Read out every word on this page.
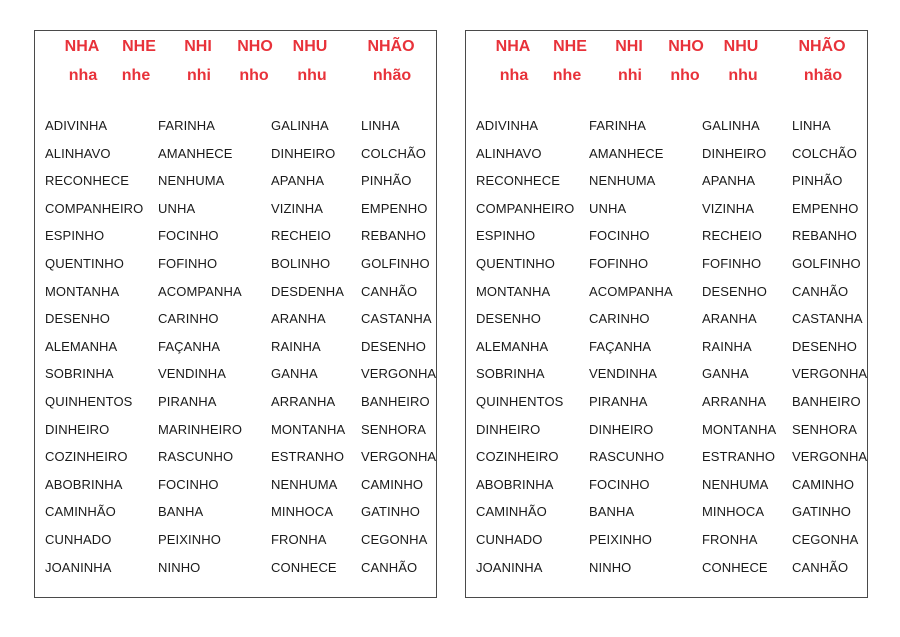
NHA NHE NHI NHO NHU	NHÃO
nha nhe nhi nho nhu	nhão
ADIVINHA	FARINHA	GALINHA LINHA
ALINHAVO	AMANHECE	DINHEIRO COLCHÃO
RECONHECE NENHUMA	APANHA	PINHÃO
COMPANHEIRO UNHA	VIZINHA	EMPENHO
ESPINHO	FOCINHO	RECHEIO REBANHO
QUENTINHO	FOFINHO	BOLINHO GOLFINHO
MONTANHA	ACOMPANHA DESDENHA CANHÃO
DESENHO	CARINHO	ARANHA	CASTANHA
ALEMANHA	FAÇANHA	RAINHA	DESENHO
SOBRINHA	VENDINHA	GANHA	VERGONHA
QUINHENTOS PIRANHA	ARRANHA BANHEIRO
DINHEIRO	MARINHEIRO MONTANHA SENHORA
COZINHEIRO RASCUNHO	ESTRANHO VERGONHA
ABOBRINHA	FOCINHO	NENHUMA CAMINHO
CAMINHÃO	BANHA	MINHOCA GATINHO
CUNHADO	PEIXINHO	FRONHA	CEGONHA
JOANINHA	NINHO	CONHECE CANHÃO
NHA NHE NHI NHO NHU	NHÃO
nha nhe nhi nho nhu	nhão
ADIVINHA	FARINHA	GALINHA LINHA
ALINHAVO	AMANHECE	DINHEIRO COLCHÃO
RECONHECE NENHUMA	APANHA	PINHÃO
COMPANHEIRO UNHA	VIZINHA	EMPENHO
ESPINHO	FOCINHO	RECHEIO REBANHO
QUENTINHO	FOFINHO	FOFINHO GOLFINHO
MONTANHA	ACOMPANHA DESENHO CANHÃO
DESENHO	CARINHO	ARANHA	CASTANHA
ALEMANHA	FAÇANHA	RAINHA	DESENHO
SOBRINHA	VENDINHA	GANHA	VERGONHA
QUINHENTOS PIRANHA	ARRANHA BANHEIRO
DINHEIRO	DINHEIRO	MONTANHA SENHORA
COZINHEIRO RASCUNHO	ESTRANHO VERGONHA
ABOBRINHA	FOCINHO	NENHUMA CAMINHO
CAMINHÃO	BANHA	MINHOCA GATINHO
CUNHADO	PEIXINHO	FRONHA	CEGONHA
JOANINHA	NINHO	CONHECE CANHÃO
